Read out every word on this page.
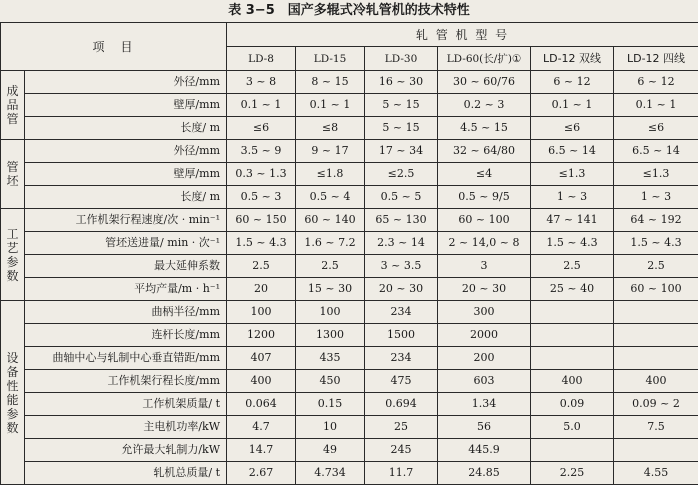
表 3−5　国产多辊式冷轧管机的技术特性
项　目		轧 管 机 型 号					
		LD-8	LD-15	LD-30	LD-60(长/扩)①	LD-12 双线	LD-12 四线
成品管	外径/mm	3 ~ 8	8 ~ 15	16 ~ 30	30 ~ 60/76	6 ~ 12	6 ~ 12
	壁厚/mm	0.1 ~ 1	0.1 ~ 1	5 ~ 15	0.2 ~ 3	0.1 ~ 1	0.1 ~ 1
	长度/ m	≤6	≤8	5 ~ 15	4.5 ~ 15	≤6	≤6
管坯	外径/mm	3.5 ~ 9	9 ~ 17	17 ~ 34	32 ~ 64/80	6.5 ~ 14	6.5 ~ 14
	壁厚/mm	0.3 ~ 1.3	≤1.8	≤2.5	≤4	≤1.3	≤1.3
	长度/ m	0.5 ~ 3	0.5 ~ 4	0.5 ~ 5	0.5 ~ 9/5	1 ~ 3	1 ~ 3
工艺参数	工作机架行程速度/次 · min⁻¹	60 ~ 150	60 ~ 140	65 ~ 130	60 ~ 100	47 ~ 141	64 ~ 192
	管坯送进量/ min · 次⁻¹	1.5 ~ 4.3	1.6 ~ 7.2	2.3 ~ 14	2 ~ 14,0 ~ 8	1.5 ~ 4.3	1.5 ~ 4.3
	最大延伸系数	2.5	2.5	3 ~ 3.5	3	2.5	2.5
	平均产量/m · h⁻¹	20	15 ~ 30	20 ~ 30	20 ~ 30	25 ~ 40	60 ~ 100
设备性能参数	曲柄半径/mm	100	100	234	300		
	连杆长度/mm	1200	1300	1500	2000		
	曲轴中心与轧制中心垂直错距/mm	407	435	234	200		
	工作机架行程长度/mm	400	450	475	603	400	400
	工作机架质量/ t	0.064	0.15	0.694	1.34	0.09	0.09 ~ 2
	主电机功率/kW	4.7	10	25	56	5.0	7.5
	允许最大轧制力/kW	14.7	49	245	445.9		
	轧机总质量/ t	2.67	4.734	11.7	24.85	2.25	4.55
